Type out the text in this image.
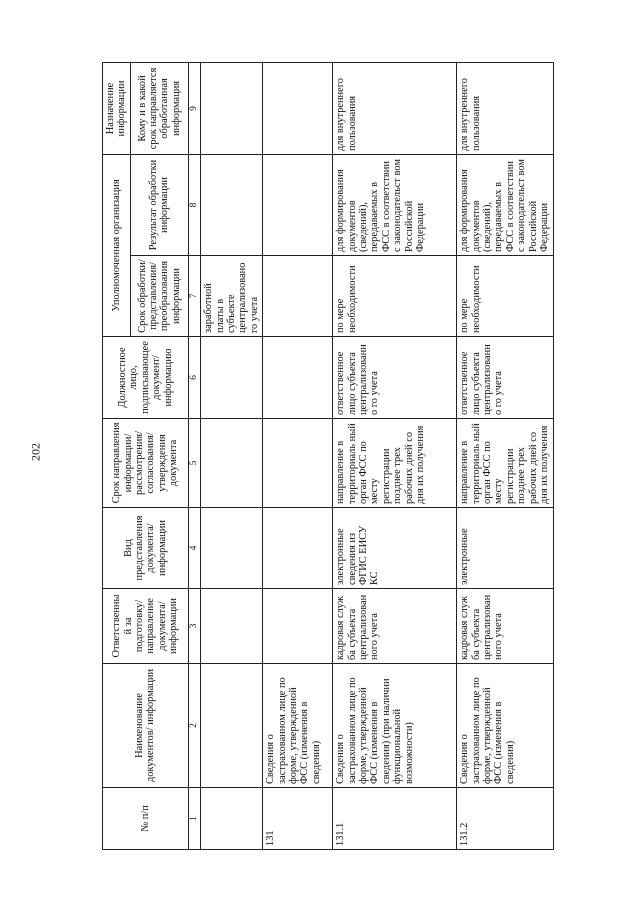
202
№ п/п	Наименование документов/ информации	Ответственный за подготовку/ направление документа/ информации	Вид представления документа/ информации	Срок направления информации/ рассмотрения/ согласования/ утверждения документа	Должностное лицо, подписывающее документ/ информацию	Уполномоченная организация		Назначение информации
						Срок обработки/ представления/ преобразования информации	Результат обработки информации	Кому и в какой срок направляется обработанная информация
1	2	3	4	5	6	7	8	9
						заработной платы в субъекте централизовано го учета		
131	Сведения о застрахованном лице по форме, утвержденной ФСС (изменения в сведения)							
131.1	Сведения о застрахованном лице по форме, утвержденной ФСС (изменения в сведения) (при наличии функциональной возможности)	кадровая служ ба субъекта централизован ного учета	электронные сведения из ФГИС ЕИСУ КС	направление в территориаль ный орган ФСС по месту регистрации позднее трех рабочих дней со дня их получения	ответственное лицо субъекта централизованно го учета	по мере необходимости	для формирования документов (сведений), передаваемых в ФСС в соответствии с законодательст вом Российской Федерации	для внутреннего пользования
131.2	Сведения о застрахованном лице по форме, утвержденной ФСС (изменения в сведения)	кадровая служ ба субъекта централизован ного учета	электронные	направление в территориаль ный орган ФСС по месту регистрации позднее трех рабочих дней со дня их получения	ответственное лицо субъекта централизованно го учета	по мере необходимости	для формирования документов (сведений), передаваемых в ФСС в соответствии с законодательст вом Российской Федерации	для внутреннего пользования
